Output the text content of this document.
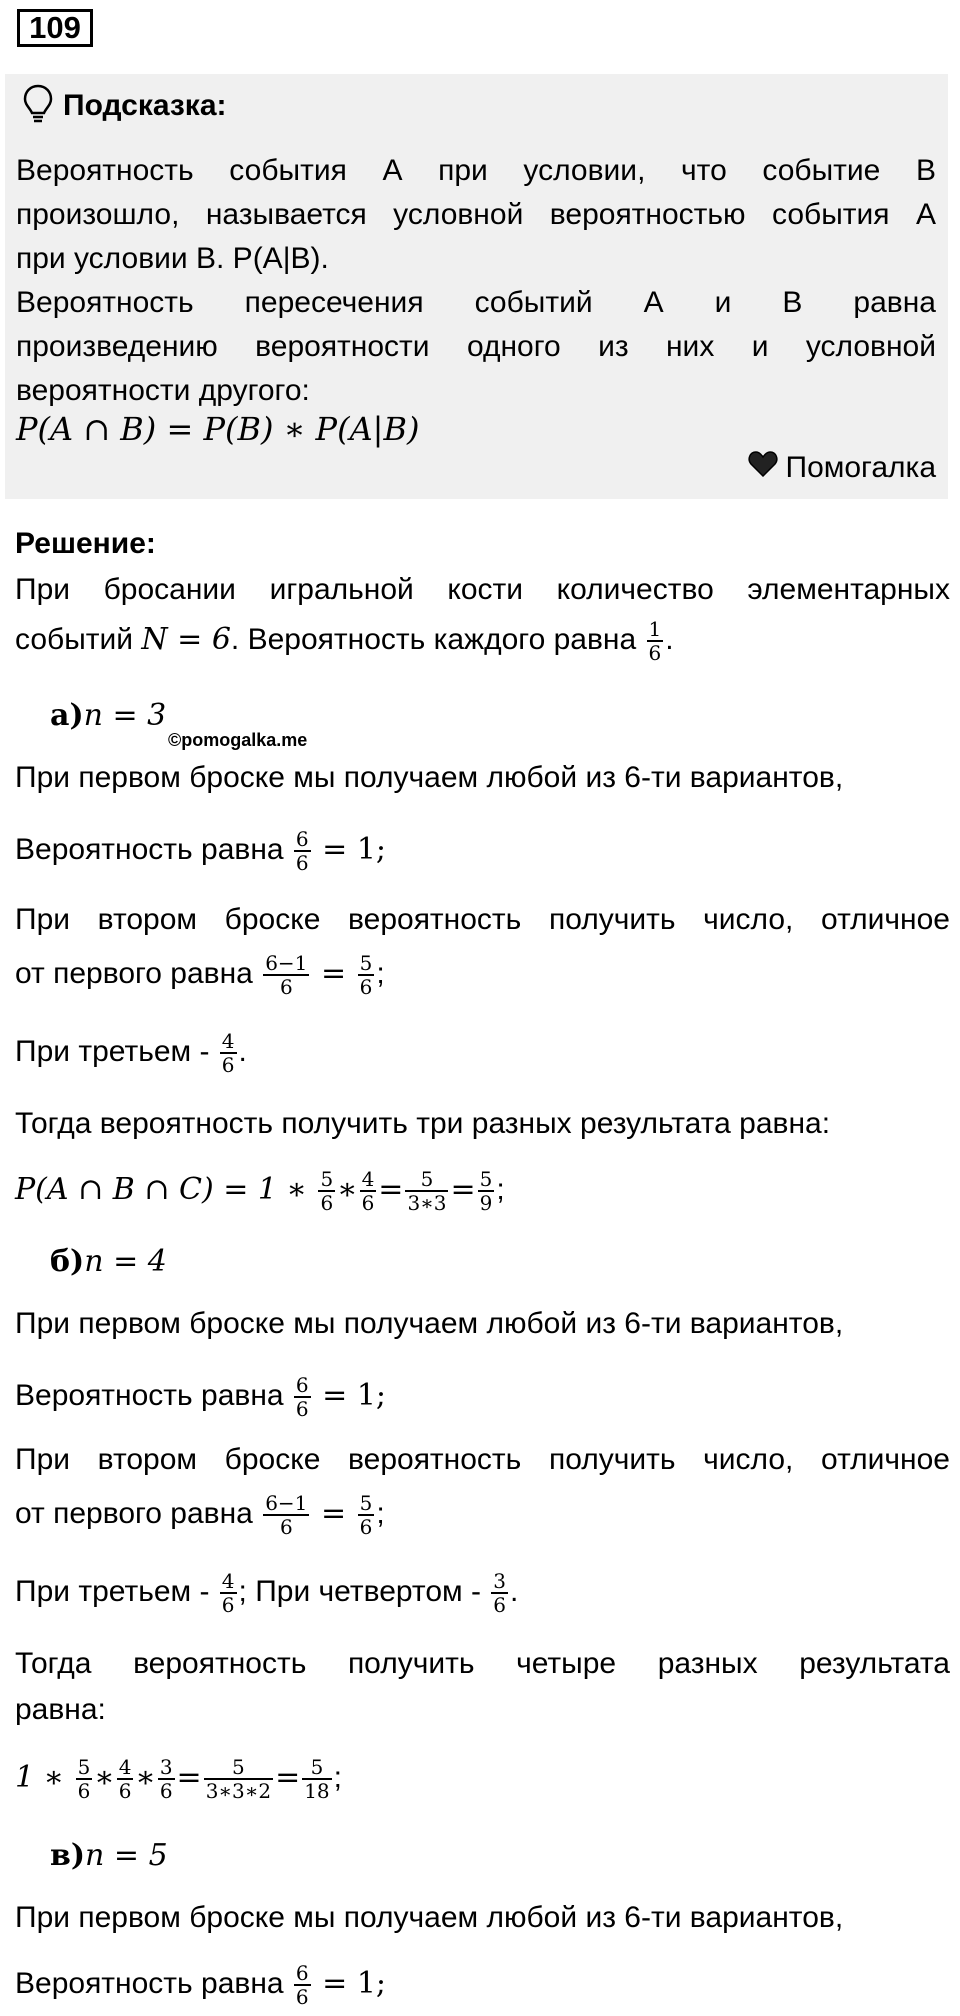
109
Подсказка:
Вероятность события А при условии, что событие В
произошло, называется условной вероятностью события А
при условии В. P(A|B).
Вероятность пересечения событий А и В равна
произведению вероятности одного из них и условной
вероятности другого:
P(A ∩ B) = P(B) ∗ P(A|B)
Помогалка
Решение:
При бросании игральной кости количество элементарных
событий N = 6. Вероятность каждого равна $\frac{1}{6}$ .
а)n = 3
©pomogalka.me
При первом броске мы получаем любой из 6-ти вариантов,
Вероятность равна $\frac{6}{6} = 1$;
При втором броске вероятность получить число, отличное
от первого равна $\frac{6-1}{6} = \frac{5}{6}$ ;
При третьем - $\frac{4}{6}$ .
Тогда вероятность получить три разных результата равна:
P(A ∩ B ∩ C) = 1 ∗ $\frac{5}{6}$ ∗ $\frac{4}{6} = \frac{5}{3∗3} = \frac{5}{9}$ ;
б)n = 4
При первом броске мы получаем любой из 6-ти вариантов,
Вероятность равна $\frac{6}{6} = 1$;
При втором броске вероятность получить число, отличное
от первого равна $\frac{6-1}{6} = \frac{5}{6}$ ;
При третьем - $\frac{4}{6}$ ; При четвертом - $\frac{3}{6}$ .
Тогда вероятность получить четыре разных результата
равна:
1 ∗ $\frac{5}{6}$ ∗ $\frac{4}{6}$ ∗ $\frac{3}{6} = \frac{5}{3∗3∗2} = \frac{5}{18}$ ;
в)n = 5
При первом броске мы получаем любой из 6-ти вариантов,
Вероятность равна $\frac{6}{6} = 1$;
